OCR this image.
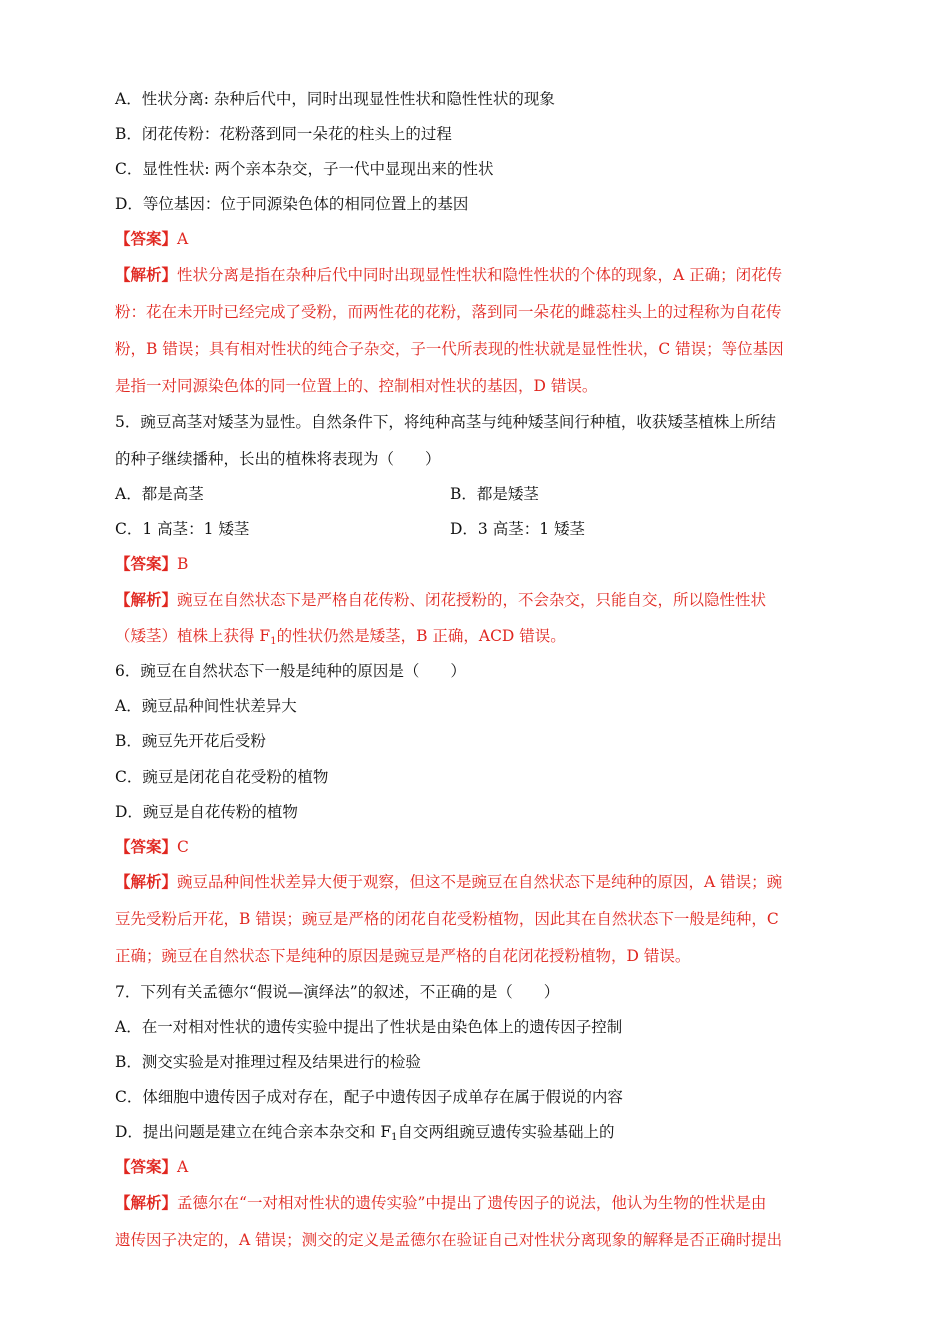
A．性状分离: 杂种后代中，同时出现显性性状和隐性性状的现象
B．闭花传粉：花粉落到同一朵花的柱头上的过程
C．显性性状: 两个亲本杂交，子一代中显现出来的性状
D．等位基因：位于同源染色体的相同位置上的基因
【答案】A
【解析】性状分离是指在杂种后代中同时出现显性性状和隐性性状的个体的现象，A 正确；闭花传
粉：花在未开时已经完成了受粉，而两性花的花粉，落到同一朵花的雌蕊柱头上的过程称为自花传
粉，B 错误；具有相对性状的纯合子杂交，子一代所表现的性状就是显性性状，C 错误；等位基因
是指一对同源染色体的同一位置上的、控制相对性状的基因，D 错误。
5．豌豆高茎对矮茎为显性。自然条件下，将纯种高茎与纯种矮茎间行种植，收获矮茎植株上所结
的种子继续播种，长出的植株将表现为（　　）
A．都是高茎	B．都是矮茎
C．1 高茎：1 矮茎	D．3 高茎：1 矮茎
【答案】B
【解析】豌豆在自然状态下是严格自花传粉、闭花授粉的，不会杂交，只能自交，所以隐性性状
（矮茎）植株上获得 $F_1$的性状仍然是矮茎，B 正确，ACD 错误。
6．豌豆在自然状态下一般是纯种的原因是（　　）
A．豌豆品种间性状差异大
B．豌豆先开花后受粉
C．豌豆是闭花自花受粉的植物
D．豌豆是自花传粉的植物
【答案】C
【解析】豌豆品种间性状差异大便于观察，但这不是豌豆在自然状态下是纯种的原因，A 错误；豌
豆先受粉后开花，B 错误；豌豆是严格的闭花自花受粉植物，因此其在自然状态下一般是纯种，C
正确；豌豆在自然状态下是纯种的原因是豌豆是严格的自花闭花授粉植物，D 错误。
7．下列有关孟德尔“假说—演绎法”的叙述，不正确的是（　　）
A．在一对相对性状的遗传实验中提出了性状是由染色体上的遗传因子控制
B．测交实验是对推理过程及结果进行的检验
C．体细胞中遗传因子成对存在，配子中遗传因子成单存在属于假说的内容
D．提出问题是建立在纯合亲本杂交和 $F_1$自交两组豌豆遗传实验基础上的
【答案】A
【解析】孟德尔在“一对相对性状的遗传实验”中提出了遗传因子的说法，他认为生物的性状是由
遗传因子决定的，A 错误；测交的定义是孟德尔在验证自己对性状分离现象的解释是否正确时提出
